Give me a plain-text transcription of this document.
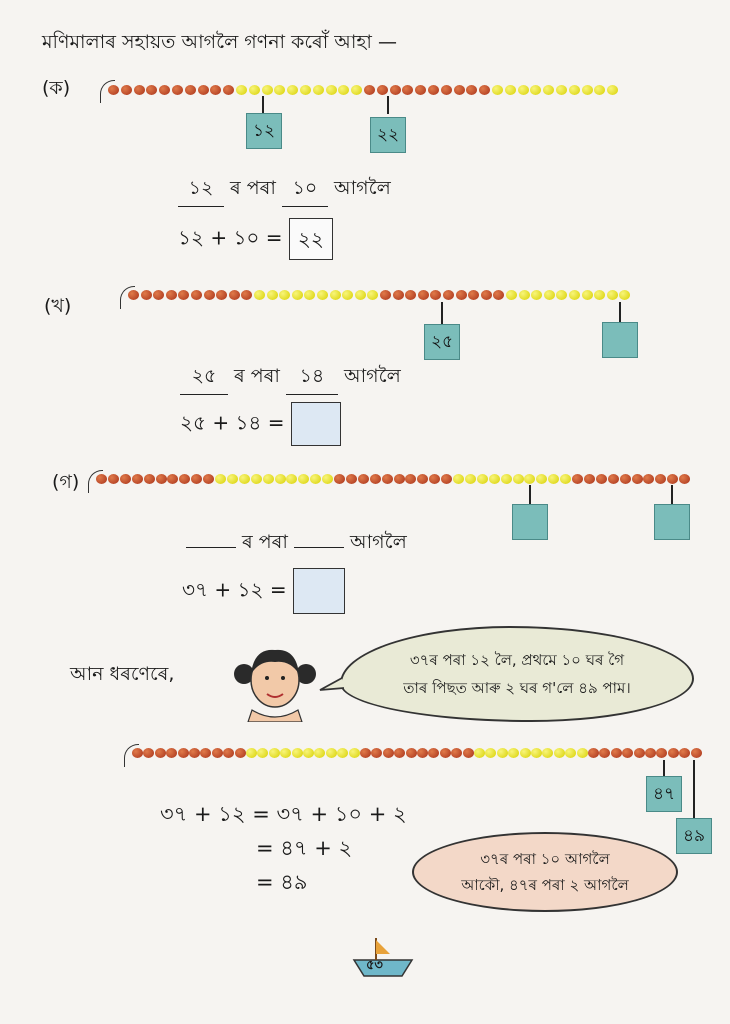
মণিমালাৰ সহায়ত আগলৈ গণনা কৰোঁ আহা —
(ক)
১২	২২
১২ ৰ পৰা ১০ আগলৈ
১২ + ১০ = ২২
(খ)
২৫
২৫ ৰ পৰা ১৪ আগলৈ
২৫ + ১৪ =
(গ)
ৰ পৰা	আগলৈ
৩৭ + ১২ =
আন ধৰণেৰে,
৩৭ৰ পৰা ১২ লৈ, প্ৰথমে ১০ ঘৰ গৈ
তাৰ পিছত আৰু ২ ঘৰ গ'লে ৪৯ পাম।
৪৭
৪৯
৩৭ + ১২ = ৩৭ + ১০ + ২
= ৪৭ + ২
= ৪৯
৩৭ৰ পৰা ১০ আগলৈ
আকৌ, ৪৭ৰ পৰা ২ আগলৈ
৫৩
